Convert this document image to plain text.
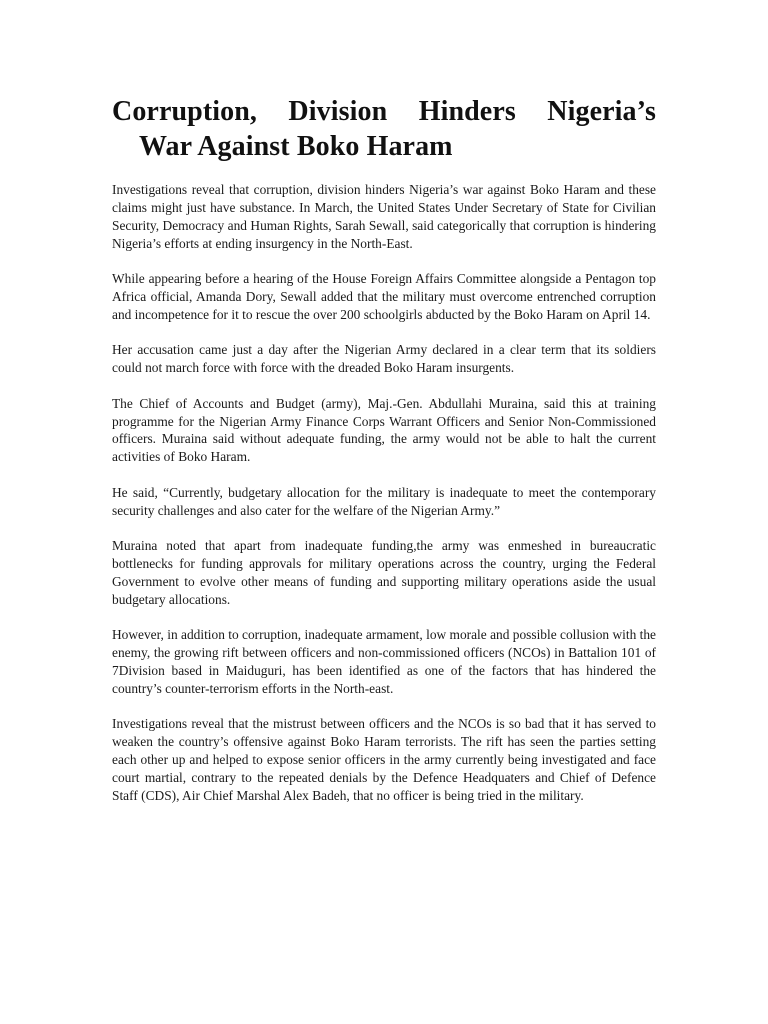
Corruption, Division Hinders Nigeria’s
War Against Boko Haram

Investigations reveal that corruption, division hinders Nigeria’s war against Boko Haram and these claims might just have substance. In March, the United States Under Secretary of State for Civilian Security, Democracy and Human Rights, Sarah Sewall, said categorically that corruption is hindering Nigeria’s efforts at ending insurgency in the North-East.

While appearing before a hearing of the House Foreign Affairs Committee alongside a Pentagon top Africa official, Amanda Dory, Sewall added that the military must overcome entrenched corruption and incompetence for it to rescue the over 200 schoolgirls abducted by the Boko Haram on April 14.

Her accusation came just a day after the Nigerian Army declared in a clear term that its soldiers could not march force with force with the dreaded Boko Haram insurgents.

The Chief of Accounts and Budget (army), Maj.-Gen. Abdullahi Muraina, said this at training programme for the Nigerian Army Finance Corps Warrant Officers and Senior Non-Commissioned officers. Muraina said without adequate funding, the army would not be able to halt the current activities of Boko Haram.

He said, “Currently, budgetary allocation for the military is inadequate to meet the contemporary security challenges and also cater for the welfare of the Nigerian Army.”

Muraina noted that apart from inadequate funding,the army was enmeshed in bureaucratic bottlenecks for funding approvals for military operations across the country, urging the Federal Government to evolve other means of funding and supporting military operations aside the usual budgetary allocations.

However, in addition to corruption, inadequate armament, low morale and possible collusion with the enemy, the growing rift between officers and non-commissioned officers (NCOs) in Battalion 101 of 7Division based in Maiduguri, has been identified as one of the factors that has hindered the country’s counter-terrorism efforts in the North-east.

Investigations reveal that the mistrust between officers and the NCOs is so bad that it has served to weaken the country’s offensive against Boko Haram terrorists. The rift has seen the parties setting each other up and helped to expose senior officers in the army currently being investigated and face court martial, contrary to the repeated denials by the Defence Headquaters and Chief of Defence Staff (CDS), Air Chief Marshal Alex Badeh, that no officer is being tried in the military.
